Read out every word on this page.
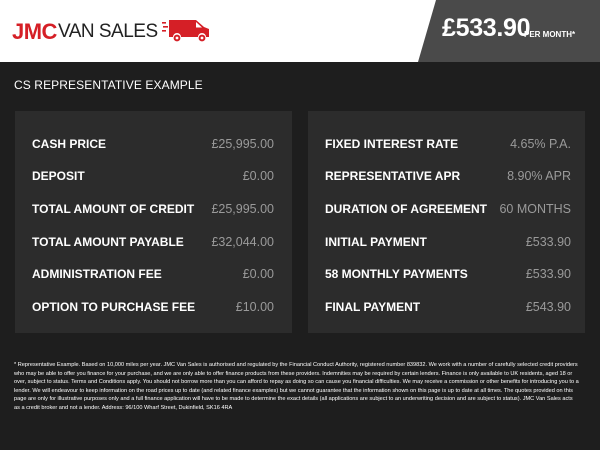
JMC VAN SALES	£533.90
PER MONTH*
CS REPRESENTATIVE EXAMPLE
CASH PRICE	£25,995.00
DEPOSIT	£0.00
TOTAL AMOUNT OF CREDIT £25,995.00
TOTAL AMOUNT PAYABLE £32,044.00
ADMINISTRATION FEE	£0.00
OPTION TO PURCHASE FEE	£10.00
FIXED INTEREST RATE	4.65% P.A.
REPRESENTATIVE APR	8.90% APR
DURATION OF AGREEMENT 60 MONTHS
INITIAL PAYMENT	£533.90
58 MONTHLY PAYMENTS	£533.90
FINAL PAYMENT	£543.90
* Representative Example. Based on 10,000 miles per year. JMC Van Sales is authorised and regulated by the Financial Conduct Authority, registered number 839832. We work with a number of carefully selected credit providers who may be able to offer you finance for your purchase, and we are only able to offer finance products from these providers. Indemnities may be required by certain lenders. Finance is only available to UK residents, aged 18 or over, subject to status. Terms and Conditions apply. You should not borrow more than you can afford to repay as doing so can cause you financial difficulties. We may receive a commission or other benefits for introducing you to a lender. We will endeavour to keep information on the road prices up to date (and related finance examples) but we cannot guarantee that the information shown on this page is up to date at all times. The quotes provided on this page are only for illustrative purposes only and a full finance application will have to be made to determine the exact details (all applications are subject to an underwriting decision and are subject to status). JMC Van Sales acts as a credit broker and not a lender. Address: 96/100 Wharf Street, Dukinfield, SK16 4RA
